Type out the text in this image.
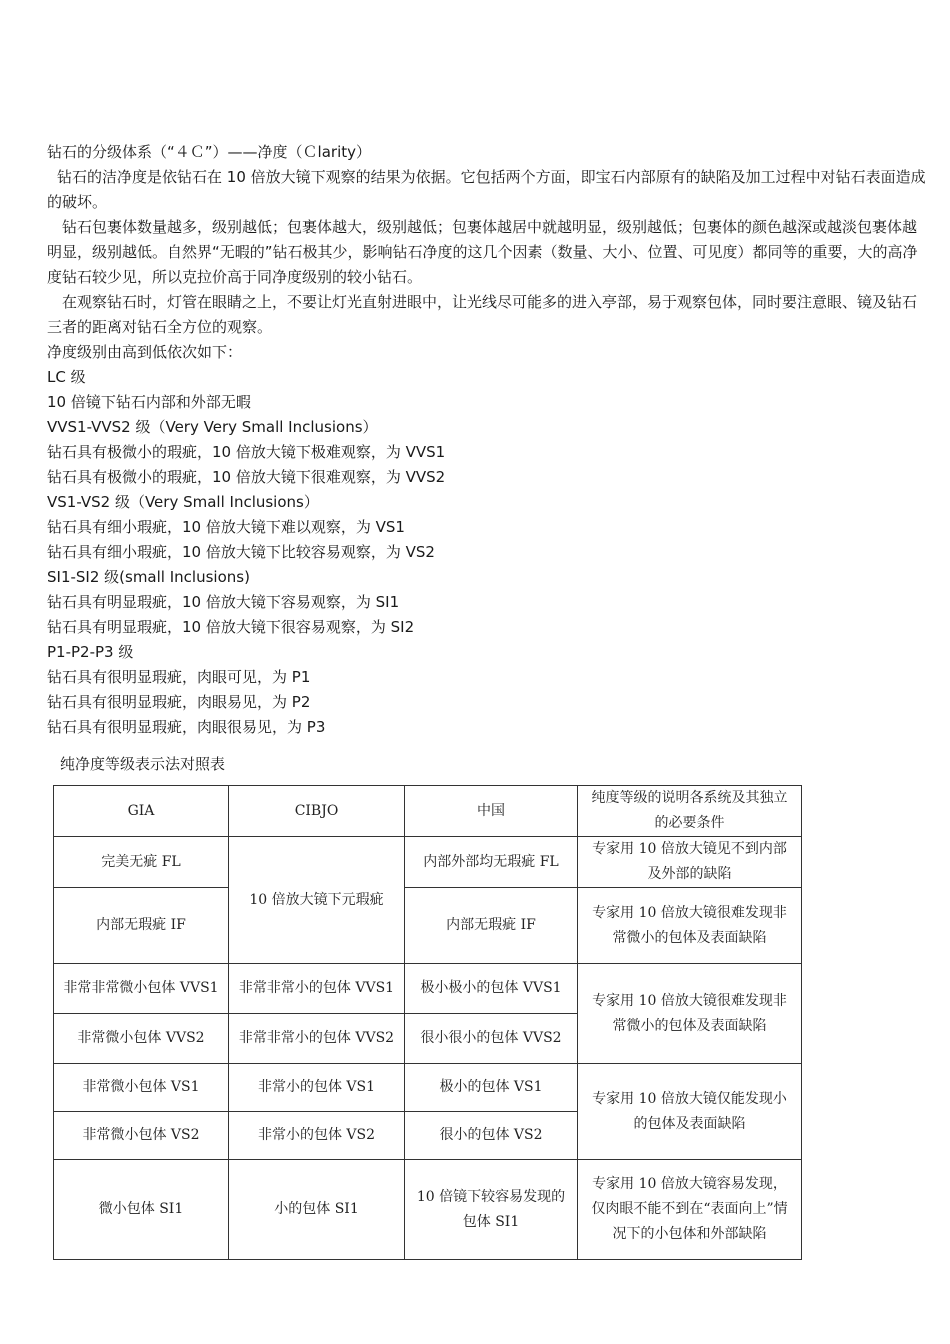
钻石的分级体系（“４Ｃ”）——净度（Ｃlarity）
钻石的洁净度是依钻石在 10 倍放大镜下观察的结果为依据。它包括两个方面，即宝石内部原有的缺陷及加工过程中对钻石表面造成的破坏。
钻石包裹体数量越多，级别越低；包裹体越大，级别越低；包裹体越居中就越明显，级别越低；包裹体的颜色越深或越淡包裹体越明显，级别越低。自然界“无暇的”钻石极其少，影响钻石净度的这几个因素（数量、大小、位置、可见度）都同等的重要，大的高净度钻石较少见，所以克拉价高于同净度级别的较小钻石。
在观察钻石时，灯管在眼睛之上，不要让灯光直射进眼中，让光线尽可能多的进入亭部，易于观察包体，同时要注意眼、镜及钻石三者的距离对钻石全方位的观察。
净度级别由高到低依次如下：
LC 级
10 倍镜下钻石内部和外部无暇
VVS1-VVS2 级（Very Very Small Inclusions）
钻石具有极微小的瑕疵，10 倍放大镜下极难观察，为 VVS1
钻石具有极微小的瑕疵，10 倍放大镜下很难观察，为 VVS2
VS1-VS2 级（Very Small Inclusions）
钻石具有细小瑕疵，10 倍放大镜下难以观察，为 VS1
钻石具有细小瑕疵，10 倍放大镜下比较容易观察，为 VS2
SI1-SI2 级(small Inclusions)
钻石具有明显瑕疵，10 倍放大镜下容易观察，为 SI1
钻石具有明显瑕疵，10 倍放大镜下很容易观察，为 SI2
P1-P2-P3 级
钻石具有很明显瑕疵，肉眼可见，为 P1
钻石具有很明显瑕疵，肉眼易见，为 P2
钻石具有很明显瑕疵，肉眼很易见，为 P3
纯净度等级表示法对照表
GIA	CIBJO	中国	纯度等级的说明各系统及其独立的必要条件
完美无疵 FL	10 倍放大镜下元瑕疵	内部外部均无瑕疵 FL	专家用 10 倍放大镜见不到内部及外部的缺陷
内部无瑕疵 IF		内部无瑕疵 IF	专家用 10 倍放大镜很难发现非常微小的包体及表面缺陷
非常非常微小包体 VVS1	非常非常小的包体 VVS1	极小极小的包体 VVS1	专家用 10 倍放大镜很难发现非常微小的包体及表面缺陷
非常微小包体 VVS2	非常非常小的包体 VVS2	很小很小的包体 VVS2	
非常微小包体 VS1	非常小的包体 VS1	极小的包体 VS1	专家用 10 倍放大镜仅能发现小的包体及表面缺陷
非常微小包体 VS2	非常小的包体 VS2	很小的包体 VS2	
微小包体 SI1	小的包体 SI1	10 倍镜下较容易发现的包体 SI1	专家用 10 倍放大镜容易发现，仅肉眼不能不到在“表面向上”情况下的小包体和外部缺陷
